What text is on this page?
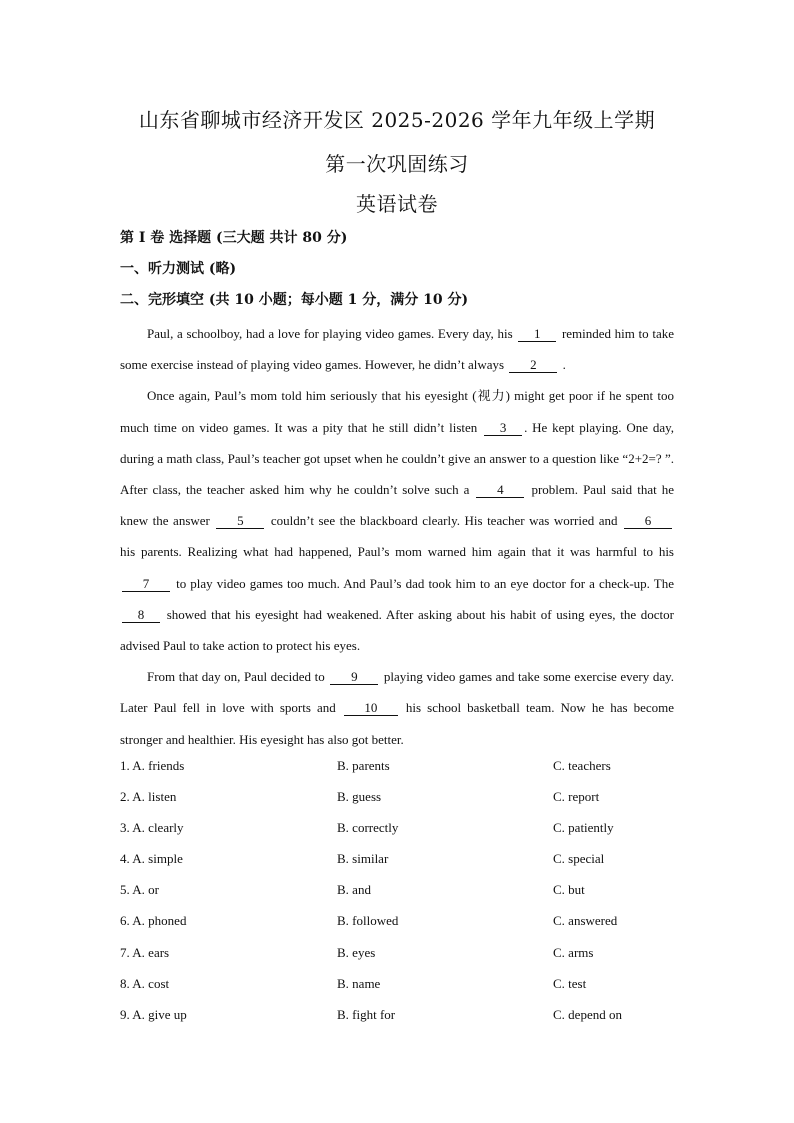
山东省聊城市经济开发区 2025-2026 学年九年级上学期
第一次巩固练习
英语试卷
第 I 卷 选择题 (三大题 共计 80 分)
一、听力测试 (略)
二、完形填空 (共 10 小题；每小题 1 分，满分 10 分)

Paul, a schoolboy, had a love for playing video games. Every day, his 1 reminded him to take some exercise instead of playing video games. However, he didn’t always 2 .

Once again, Paul’s mom told him seriously that his eyesight (视力) might get poor if he spent too much time on video games. It was a pity that he still didn’t listen 3 . He kept playing. One day, during a math class, Paul’s teacher got upset when he couldn’t give an answer to a question like “2+2=? ”. After class, the teacher asked him why he couldn’t solve such a 4 problem. Paul said that he knew the answer 5 couldn’t see the blackboard clearly. His teacher was worried and 6 his parents. Realizing what had happened, Paul’s mom warned him again that it was harmful to his 7 to play video games too much. And Paul’s dad took him to an eye doctor for a check-up. The 8 showed that his eyesight had weakened. After asking about his habit of using eyes, the doctor advised Paul to take action to protect his eyes.

From that day on, Paul decided to 9 playing video games and take some exercise every day. Later Paul fell in love with sports and 10 his school basketball team. Now he has become stronger and healthier. His eyesight has also got better.

1. A. friends	B. parents	C. teachers
2. A. listen	B. guess	C. report
3. A. clearly	B. correctly	C. patiently
4. A. simple	B. similar	C. special
5. A. or	B. and	C. but
6. A. phoned	B. followed	C. answered
7. A. ears	B. eyes	C. arms
8. A. cost	B. name	C. test
9. A. give up	B. fight for	C. depend on
